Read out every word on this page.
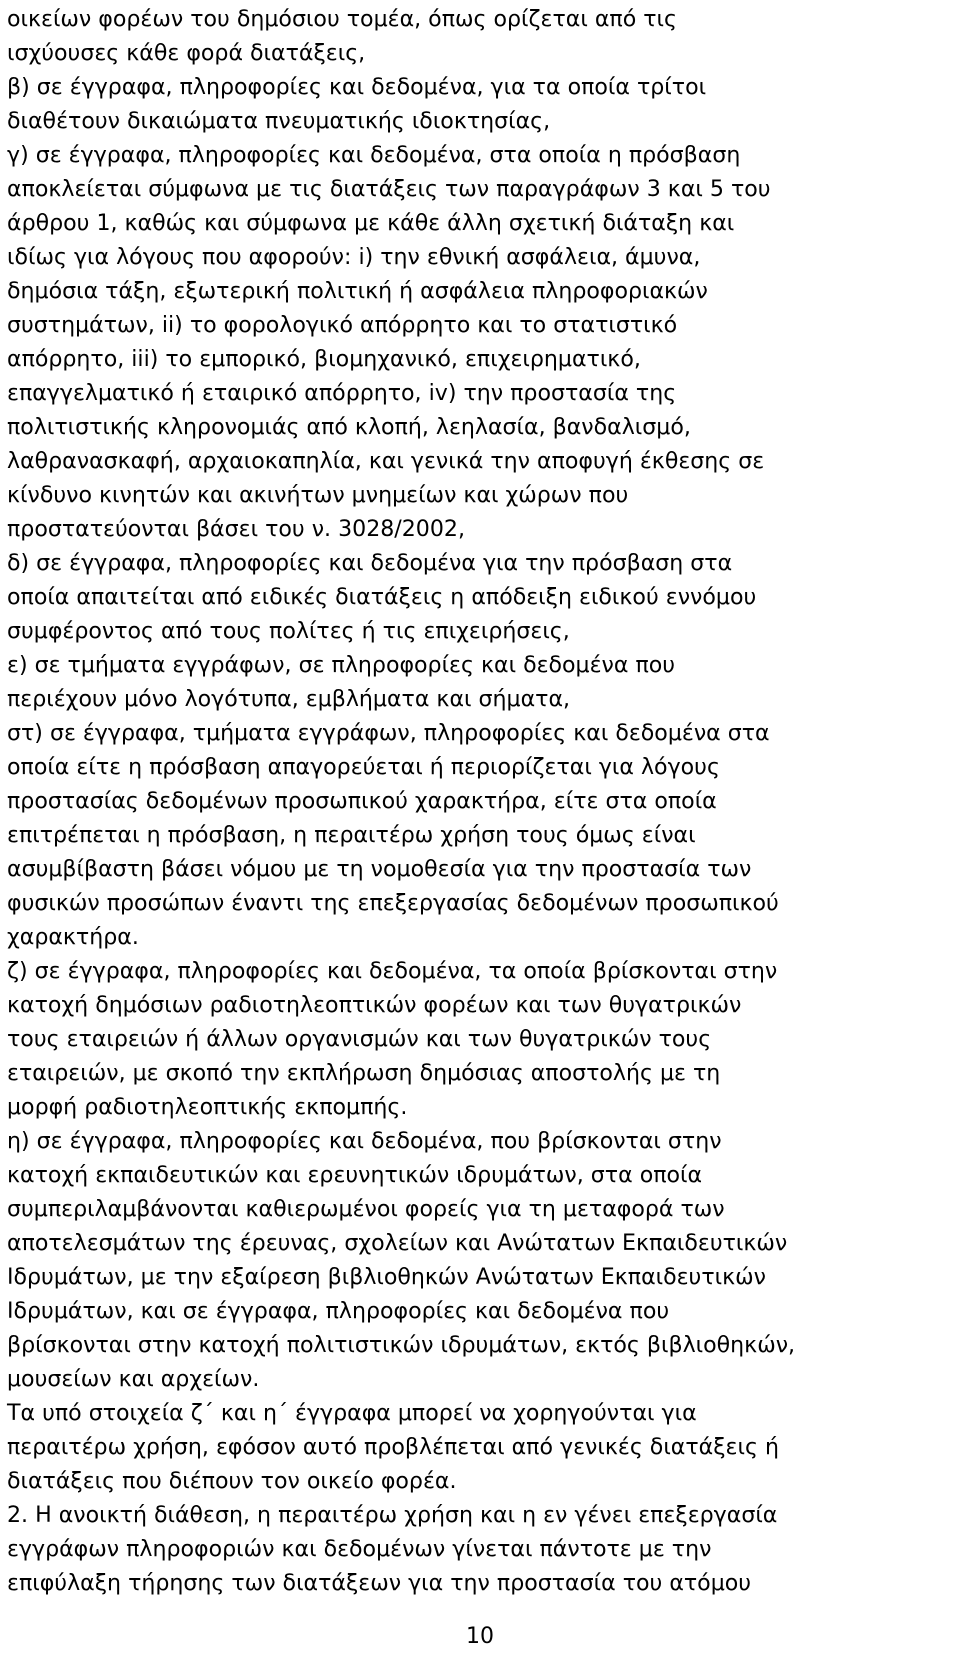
οικείων φορέων του δημόσιου τομέα, όπως ορίζεται από τις
ισχύουσες κάθε φορά διατάξεις,
β) σε έγγραφα, πληροφορίες και δεδομένα, για τα οποία τρίτοι
διαθέτουν δικαιώματα πνευματικής ιδιοκτησίας,
γ) σε έγγραφα, πληροφορίες και δεδομένα, στα οποία η πρόσβαση
αποκλείεται σύμφωνα με τις διατάξεις των παραγράφων 3 και 5 του
άρθρου 1, καθώς και σύμφωνα με κάθε άλλη σχετική διάταξη και
ιδίως για λόγους που αφορούν: i) την εθνική ασφάλεια, άμυνα,
δημόσια τάξη, εξωτερική πολιτική ή ασφάλεια πληροφοριακών
συστημάτων, ii) το φορολογικό απόρρητο και το στατιστικό
απόρρητο, iii) το εμπορικό, βιομηχανικό, επιχειρηματικό,
επαγγελματικό ή εταιρικό απόρρητο, iv) την προστασία της
πολιτιστικής κληρονομιάς από κλοπή, λεηλασία, βανδαλισμό,
λαθρανασκαφή, αρχαιοκαπηλία, και γενικά την αποφυγή έκθεσης σε
κίνδυνο κινητών και ακινήτων μνημείων και χώρων που
προστατεύονται βάσει του ν. 3028/2002,
δ) σε έγγραφα, πληροφορίες και δεδομένα για την πρόσβαση στα
οποία απαιτείται από ειδικές διατάξεις η απόδειξη ειδικού εννόμου
συμφέροντος από τους πολίτες ή τις επιχειρήσεις,
ε) σε τμήματα εγγράφων, σε πληροφορίες και δεδομένα που
περιέχουν μόνο λογότυπα, εμβλήματα και σήματα,
στ) σε έγγραφα, τμήματα εγγράφων, πληροφορίες και δεδομένα στα
οποία είτε η πρόσβαση απαγορεύεται ή περιορίζεται για λόγους
προστασίας δεδομένων προσωπικού χαρακτήρα, είτε στα οποία
επιτρέπεται η πρόσβαση, η περαιτέρω χρήση τους όμως είναι
ασυμβίβαστη βάσει νόμου με τη νομοθεσία για την προστασία των
φυσικών προσώπων έναντι της επεξεργασίας δεδομένων προσωπικού
χαρακτήρα.
ζ) σε έγγραφα, πληροφορίες και δεδομένα, τα οποία βρίσκονται στην
κατοχή δημόσιων ραδιοτηλεοπτικών φορέων και των θυγατρικών
τους εταιρειών ή άλλων οργανισμών και των θυγατρικών τους
εταιρειών, με σκοπό την εκπλήρωση δημόσιας αποστολής με τη
μορφή ραδιοτηλεοπτικής εκπομπής.
η) σε έγγραφα, πληροφορίες και δεδομένα, που βρίσκονται στην
κατοχή εκπαιδευτικών και ερευνητικών ιδρυμάτων, στα οποία
συμπεριλαμβάνονται καθιερωμένοι φορείς για τη μεταφορά των
αποτελεσμάτων της έρευνας, σχολείων και Ανώτατων Εκπαιδευτικών
Ιδρυμάτων, με την εξαίρεση βιβλιοθηκών Ανώτατων Εκπαιδευτικών
Ιδρυμάτων, και σε έγγραφα, πληροφορίες και δεδομένα που
βρίσκονται στην κατοχή πολιτιστικών ιδρυμάτων, εκτός βιβλιοθηκών,
μουσείων και αρχείων.
Τα υπό στοιχεία ζ΄ και η΄ έγγραφα μπορεί να χορηγούνται για
περαιτέρω χρήση, εφόσον αυτό προβλέπεται από γενικές διατάξεις ή
διατάξεις που διέπουν τον οικείο φορέα.
2. Η ανοικτή διάθεση, η περαιτέρω χρήση και η εν γένει επεξεργασία
εγγράφων πληροφοριών και δεδομένων γίνεται πάντοτε με την
επιφύλαξη τήρησης των διατάξεων για την προστασία του ατόμου
10
